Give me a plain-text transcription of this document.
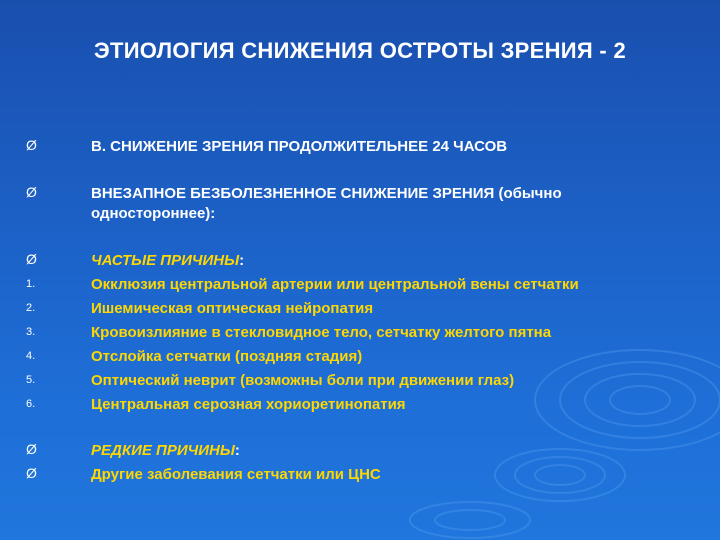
ЭТИОЛОГИЯ СНИЖЕНИЯ ОСТРОТЫ ЗРЕНИЯ - 2
Ø	В. СНИЖЕНИЕ ЗРЕНИЯ ПРОДОЛЖИТЕЛЬНЕЕ 24 ЧАСОВ
Ø	ВНЕЗАПНОЕ БЕЗБОЛЕЗНЕННОЕ СНИЖЕНИЕ ЗРЕНИЯ (обычно
одностороннее):
Ø	ЧАСТЫЕ ПРИЧИНЫ:
1.	Окклюзия центральной артерии или центральной вены сетчатки
2.	Ишемическая оптическая нейропатия
3.	Кровоизлияние в стекловидное тело, сетчатку желтого пятна
4.	Отслойка сетчатки (поздняя стадия)
5.	Оптический неврит (возможны боли при движении глаз)
6.	Центральная серозная хориоретинопатия
Ø	РЕДКИЕ ПРИЧИНЫ:
Ø	Другие заболевания сетчатки или ЦНС
